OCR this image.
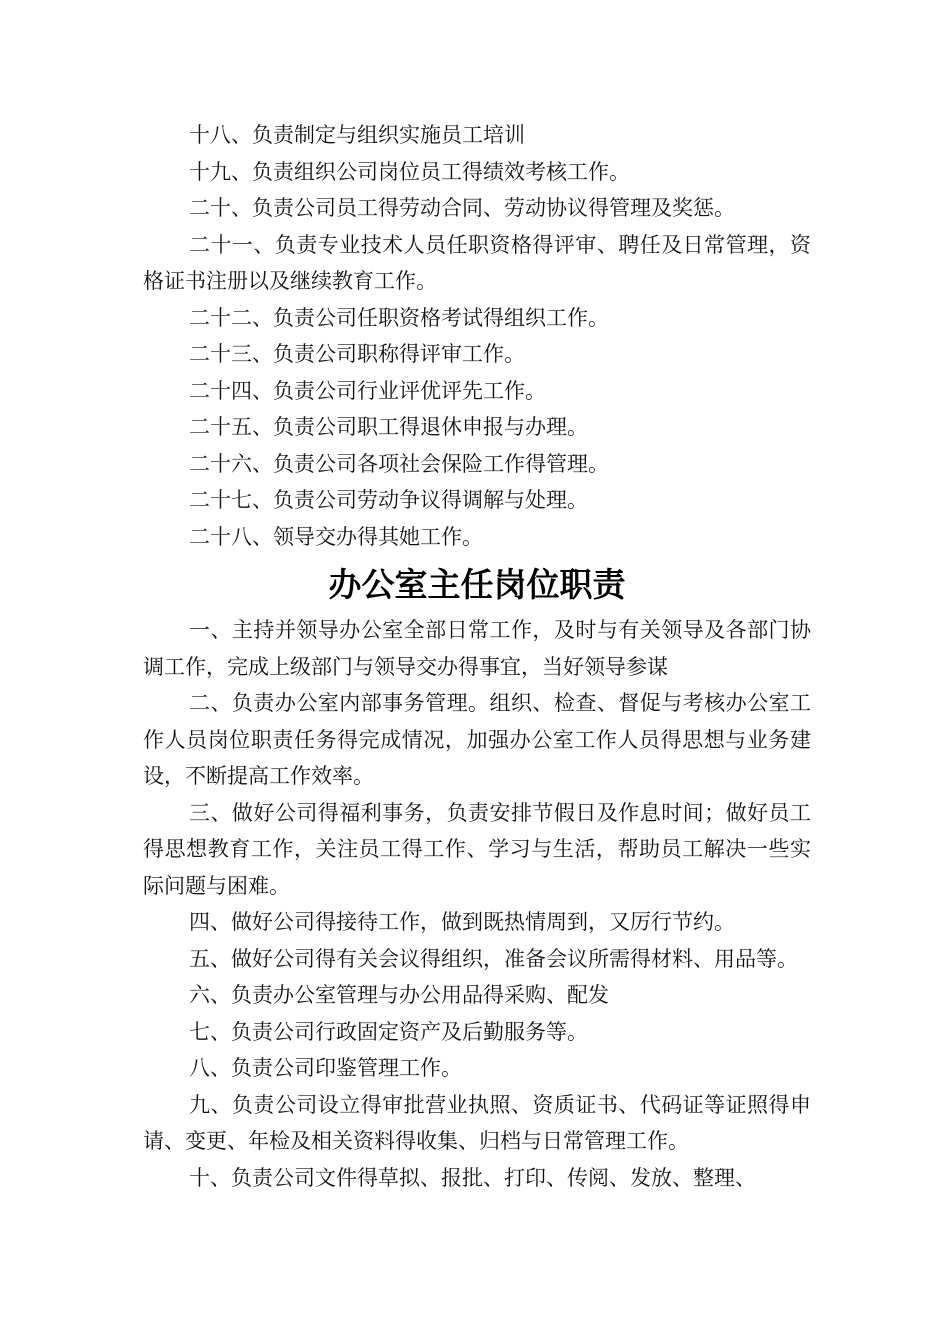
十八、负责制定与组织实施员工培训

十九、负责组织公司岗位员工得绩效考核工作。

二十、负责公司员工得劳动合同、劳动协议得管理及奖惩。

二十一、负责专业技术人员任职资格得评审、聘任及日常管理，资格证书注册以及继续教育工作。

二十二、负责公司任职资格考试得组织工作。

二十三、负责公司职称得评审工作。

二十四、负责公司行业评优评先工作。

二十五、负责公司职工得退休申报与办理。

二十六、负责公司各项社会保险工作得管理。

二十七、负责公司劳动争议得调解与处理。

二十八、领导交办得其她工作。

办公室主任岗位职责

一、主持并领导办公室全部日常工作，及时与有关领导及各部门协调工作，完成上级部门与领导交办得事宜，当好领导参谋

二、负责办公室内部事务管理。组织、检查、督促与考核办公室工作人员岗位职责任务得完成情况，加强办公室工作人员得思想与业务建设，不断提高工作效率。

三、做好公司得福利事务，负责安排节假日及作息时间；做好员工得思想教育工作，关注员工得工作、学习与生活，帮助员工解决一些实际问题与困难。

四、做好公司得接待工作，做到既热情周到，又厉行节约。

五、做好公司得有关会议得组织，准备会议所需得材料、用品等。

六、负责办公室管理与办公用品得采购、配发

七、负责公司行政固定资产及后勤服务等。

八、负责公司印鉴管理工作。

九、负责公司设立得审批营业执照、资质证书、代码证等证照得申请、变更、年检及相关资料得收集、归档与日常管理工作。

十、负责公司文件得草拟、报批、打印、传阅、发放、整理、
